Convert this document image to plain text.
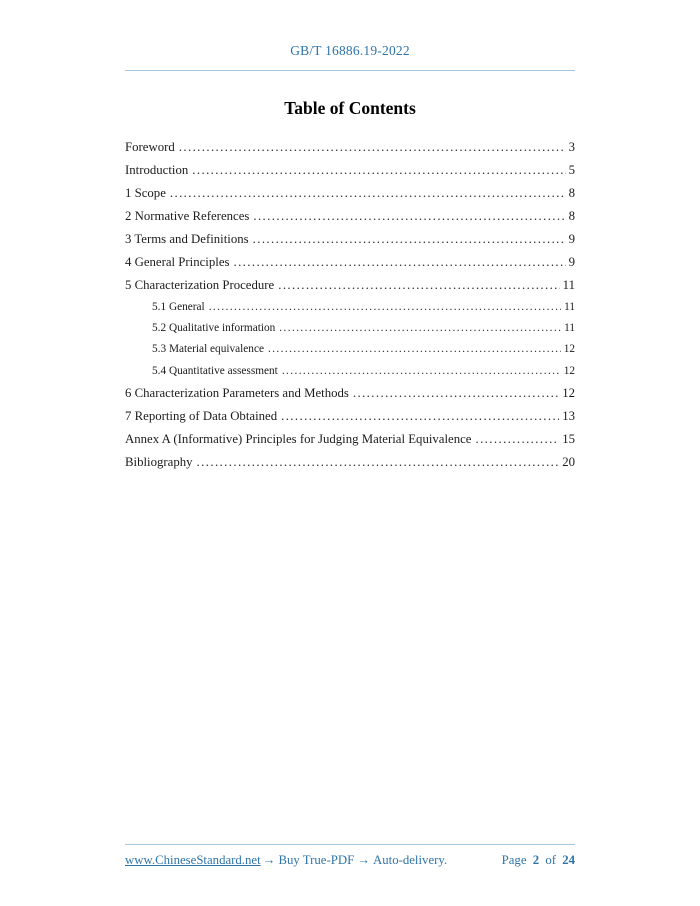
GB/T 16886.19-2022
Table of Contents
Foreword .....	3
Introduction .....	5
1 Scope .....	8
2 Normative References .....	8
3 Terms and Definitions .....	9
4 General Principles .....	9
5 Characterization Procedure .....	11
5.1 General .....	11
5.2 Qualitative information .....	11
5.3 Material equivalence .....	12
5.4 Quantitative assessment .....	12
6 Characterization Parameters and Methods .....	12
7 Reporting of Data Obtained .....	13
Annex A (Informative) Principles for Judging Material Equivalence .....	15
Bibliography .....	20
www.ChineseStandard.net → Buy True-PDF → Auto-delivery.	Page 2 of 24
